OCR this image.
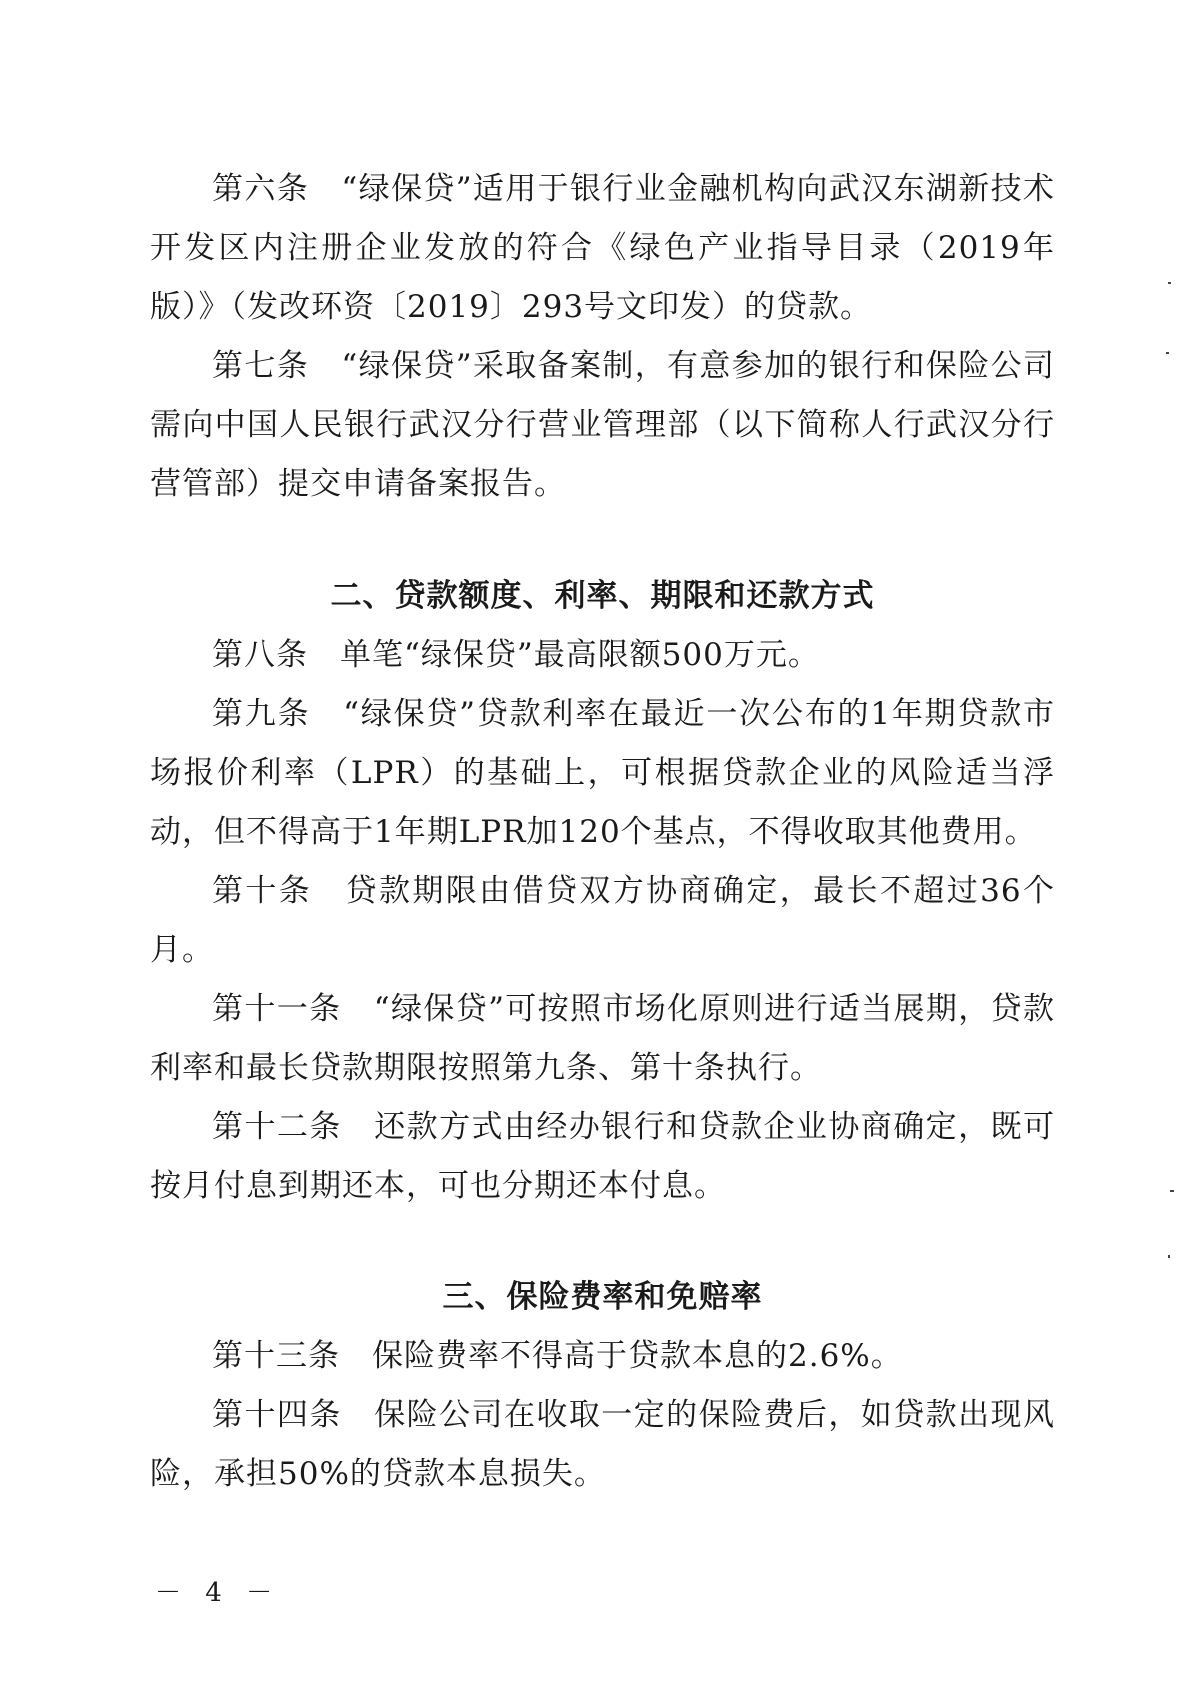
第六条　“绿保贷”适用于银行业金融机构向武汉东湖新技术开发区内注册企业发放的符合《绿色产业指导目录（2019年版）》（发改环资〔2019〕293号文印发）的贷款。

第七条　“绿保贷”采取备案制，有意参加的银行和保险公司需向中国人民银行武汉分行营业管理部（以下简称人行武汉分行营管部）提交申请备案报告。

二、贷款额度、利率、期限和还款方式

第八条　单笔“绿保贷”最高限额500万元。

第九条　“绿保贷”贷款利率在最近一次公布的1年期贷款市场报价利率（LPR）的基础上，可根据贷款企业的风险适当浮动，但不得高于1年期LPR加120个基点，不得收取其他费用。

第十条　贷款期限由借贷双方协商确定，最长不超过36个月。

第十一条　“绿保贷”可按照市场化原则进行适当展期，贷款利率和最长贷款期限按照第九条、第十条执行。

第十二条　还款方式由经办银行和贷款企业协商确定，既可按月付息到期还本，可也分期还本付息。

三、保险费率和免赔率

第十三条　保险费率不得高于贷款本息的2.6%。

第十四条　保险公司在收取一定的保险费后，如贷款出现风险，承担50%的贷款本息损失。

－ 4 －
